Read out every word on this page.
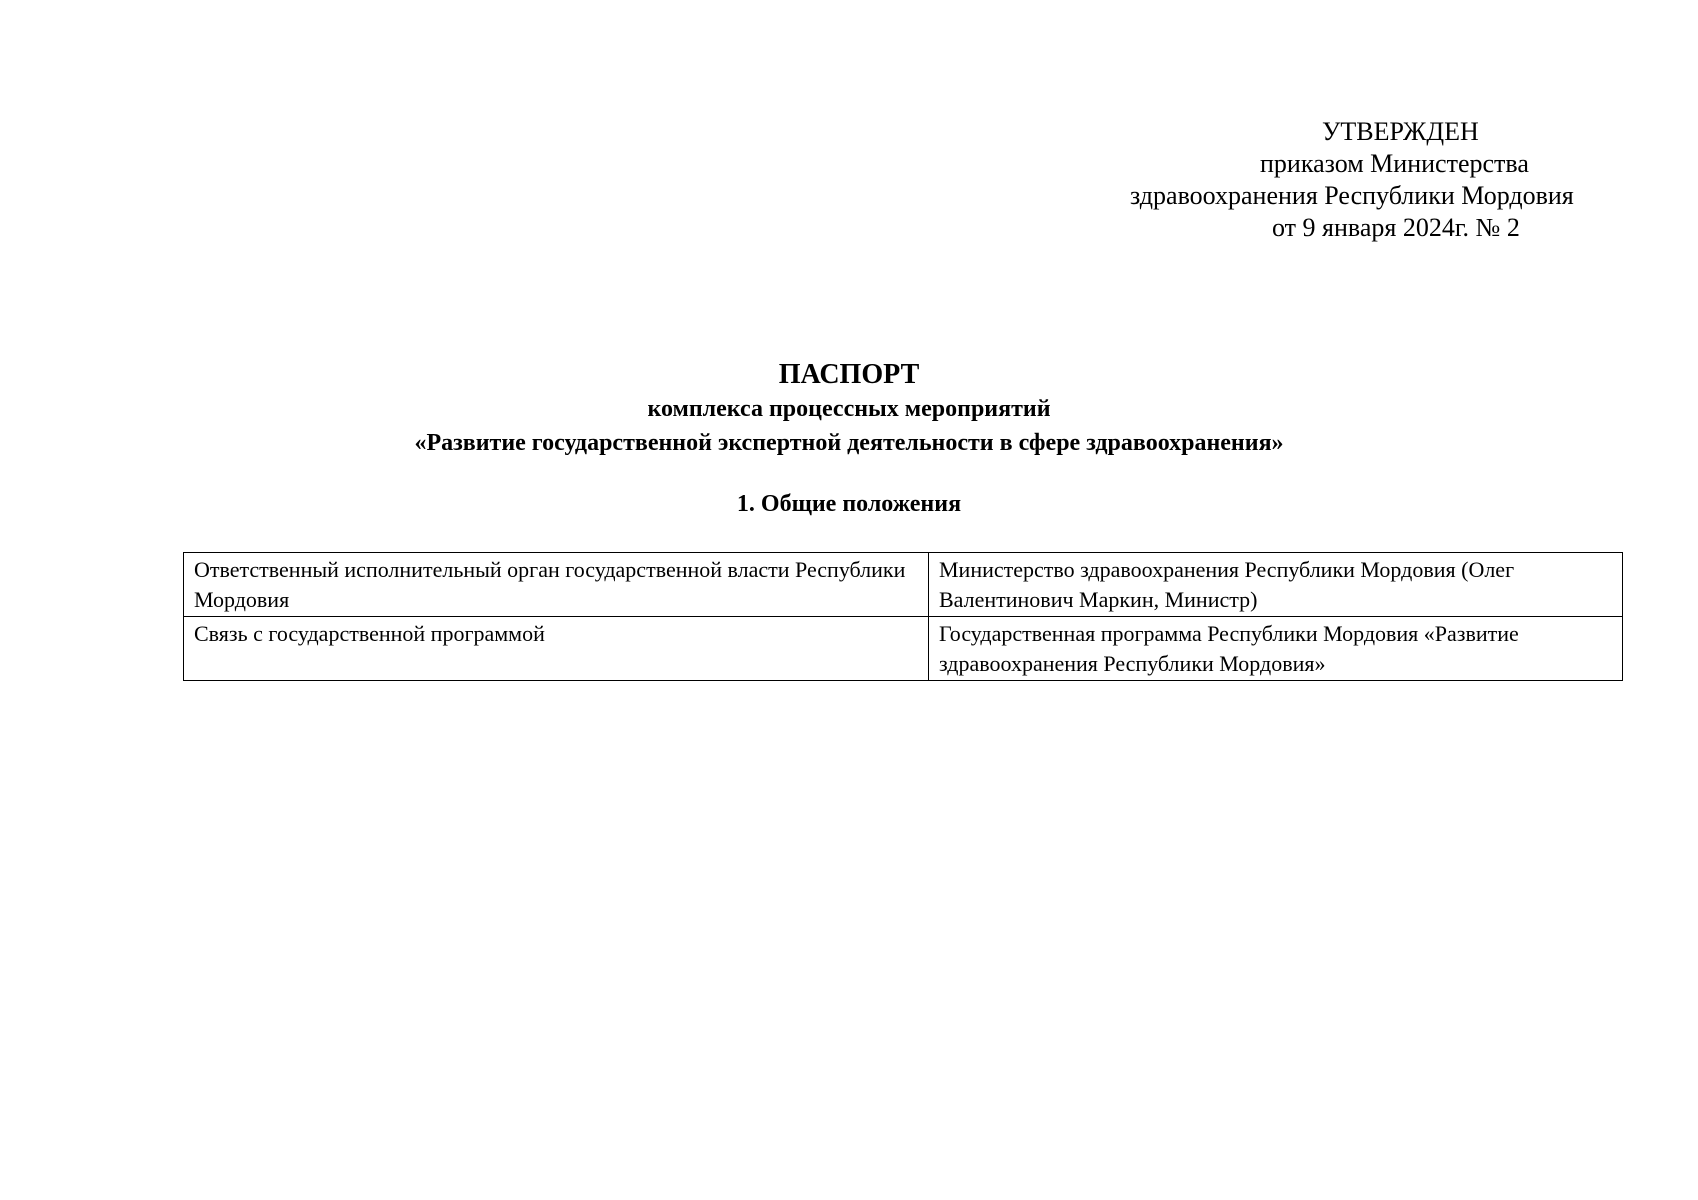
УТВЕРЖДЕН
приказом Министерства
здравоохранения Республики Мордовия
от 9 января 2024г. № 2
ПАСПОРТ
комплекса процессных мероприятий
«Развитие государственной экспертной деятельности в сфере здравоохранения»
1. Общие положения
Ответственный исполнительный орган государственной власти Республики Мордовия	Министерство здравоохранения Республики Мордовия (Олег Валентинович Маркин, Министр)
Связь с государственной программой	Государственная программа Республики Мордовия «Развитие здравоохранения Республики Мордовия»
